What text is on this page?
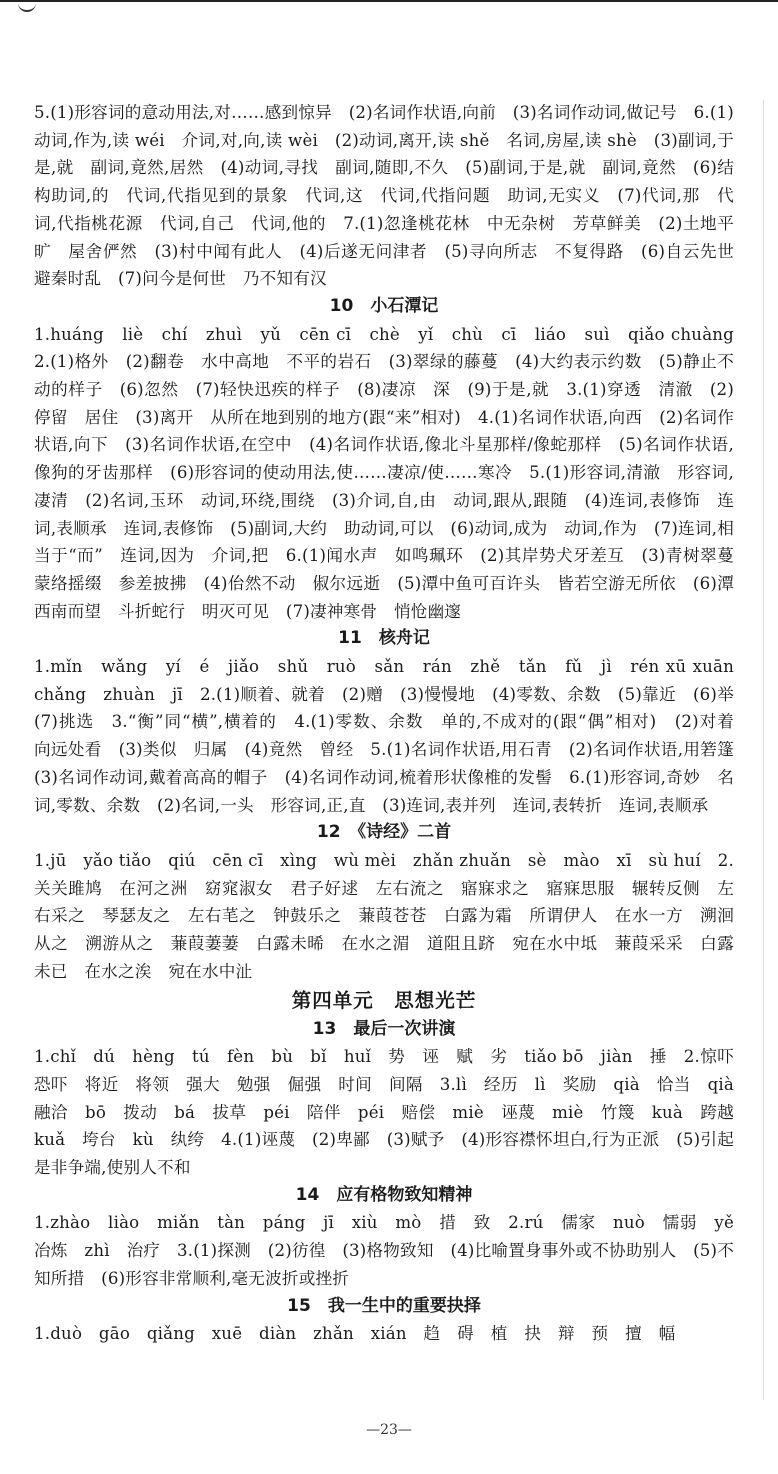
5.(1)形容词的意动用法,对……感到惊异　(2)名词作状语,向前　(3)名词作动词,做记号　6.(1)动词,作为,读 wéi　介词,对,向,读 wèi　(2)动词,离开,读 shě　名词,房屋,读 shè　(3)副词,于是,就　副词,竟然,居然　(4)动词,寻找　副词,随即,不久　(5)副词,于是,就　副词,竟然　(6)结构助词,的　代词,代指见到的景象　代词,这　代词,代指问题　助词,无实义　(7)代词,那　代词,代指桃花源　代词,自己　代词,他的　7.(1)忽逢桃花林　中无杂树　芳草鲜美　(2)土地平旷　屋舍俨然　(3)村中闻有此人　(4)后遂无问津者　(5)寻向所志　不复得路　(6)自云先世避秦时乱　(7)问今是何世　乃不知有汉

10　小石潭记

1.huáng　liè　chí　zhuì　yǔ　cēn cī　chè　yǐ　chù　cī　liáo　suì　qiǎo chuàng　2.(1)格外　(2)翻卷　水中高地　不平的岩石　(3)翠绿的藤蔓　(4)大约表示约数　(5)静止不动的样子　(6)忽然　(7)轻快迅疾的样子　(8)凄凉　深　(9)于是,就　3.(1)穿透　清澈　(2)停留　居住　(3)离开　从所在地到别的地方(跟“来”相对)　4.(1)名词作状语,向西　(2)名词作状语,向下　(3)名词作状语,在空中　(4)名词作状语,像北斗星那样/像蛇那样　(5)名词作状语,像狗的牙齿那样　(6)形容词的使动用法,使……凄凉/使……寒冷　5.(1)形容词,清澈　形容词,凄清　(2)名词,玉环　动词,环绕,围绕　(3)介词,自,由　动词,跟从,跟随　(4)连词,表修饰　连词,表顺承　连词,表修饰　(5)副词,大约　助动词,可以　(6)动词,成为　动词,作为　(7)连词,相当于“而”　连词,因为　介词,把　6.(1)闻水声　如鸣珮环　(2)其岸势犬牙差互　(3)青树翠蔓　蒙络摇缀　参差披拂　(4)佁然不动　俶尔远逝　(5)潭中鱼可百许头　皆若空游无所依　(6)潭西南而望　斗折蛇行　明灭可见　(7)凄神寒骨　悄怆幽邃

11　核舟记

1.mǐn　wǎng　yí　é　jiǎo　shǔ　ruò　sǎn　rán　zhě　tǎn　fǔ　jì　rén xū xuān chǎng　zhuàn　jī　2.(1)顺着、就着　(2)赠　(3)慢慢地　(4)零数、余数　(5)靠近　(6)举　(7)挑选　3.“衡”同“横”,横着的　4.(1)零数、余数　单的,不成对的(跟“偶”相对)　(2)对着　向远处看　(3)类似　归属　(4)竟然　曾经　5.(1)名词作状语,用石青　(2)名词作状语,用箬篷　(3)名词作动词,戴着高高的帽子　(4)名词作动词,梳着形状像椎的发髻　6.(1)形容词,奇妙　名词,零数、余数　(2)名词,一头　形容词,正,直　(3)连词,表并列　连词,表转折　连词,表顺承

12　《诗经》二首

1.jū　yǎo tiǎo　qiú　cēn cī　xìng　wù mèi　zhǎn zhuǎn　sè　mào　xī　sù huí　2.关关雎鸠　在河之洲　窈窕淑女　君子好逑　左右流之　寤寐求之　寤寐思服　辗转反侧　左右采之　琴瑟友之　左右芼之　钟鼓乐之　蒹葭苍苍　白露为霜　所谓伊人　在水一方　溯洄从之　溯游从之　蒹葭萋萋　白露未晞　在水之湄　道阻且跻　宛在水中坻　蒹葭采采　白露未已　在水之涘　宛在水中沚

第四单元　思想光芒
13　最后一次讲演

1.chǐ　dú　hèng　tú　fèn　bù　bǐ　huǐ　势　诬　赋　劣　tiǎo bō　jiàn　捶　2.惊吓　恐吓　将近　将领　强大　勉强　倔强　时间　间隔　3.lì　经历　lì　奖励　qià　恰当　qià　融洽　bō　拨动　bá　拔草　péi　陪伴　péi　赔偿　miè　诬蔑　miè　竹篾　kuà　跨越　kuǎ　垮台　kù　纨绔　4.(1)诬蔑　(2)卑鄙　(3)赋予　(4)形容襟怀坦白,行为正派　(5)引起是非争端,使别人不和

14　应有格物致知精神

1.zhào　liào　miǎn　tàn　páng　jī　xiù　mò　措　致　2.rú　儒家　nuò　懦弱　yě　冶炼　zhì　治疗　3.(1)探测　(2)彷徨　(3)格物致知　(4)比喻置身事外或不协助别人　(5)不知所措　(6)形容非常顺利,毫无波折或挫折

15　我一生中的重要抉择

1.duò　gāo　qiǎng　xuē　diàn　zhǎn　xián　趋　碍　植　抉　辩　预　擅　幅

—23—
